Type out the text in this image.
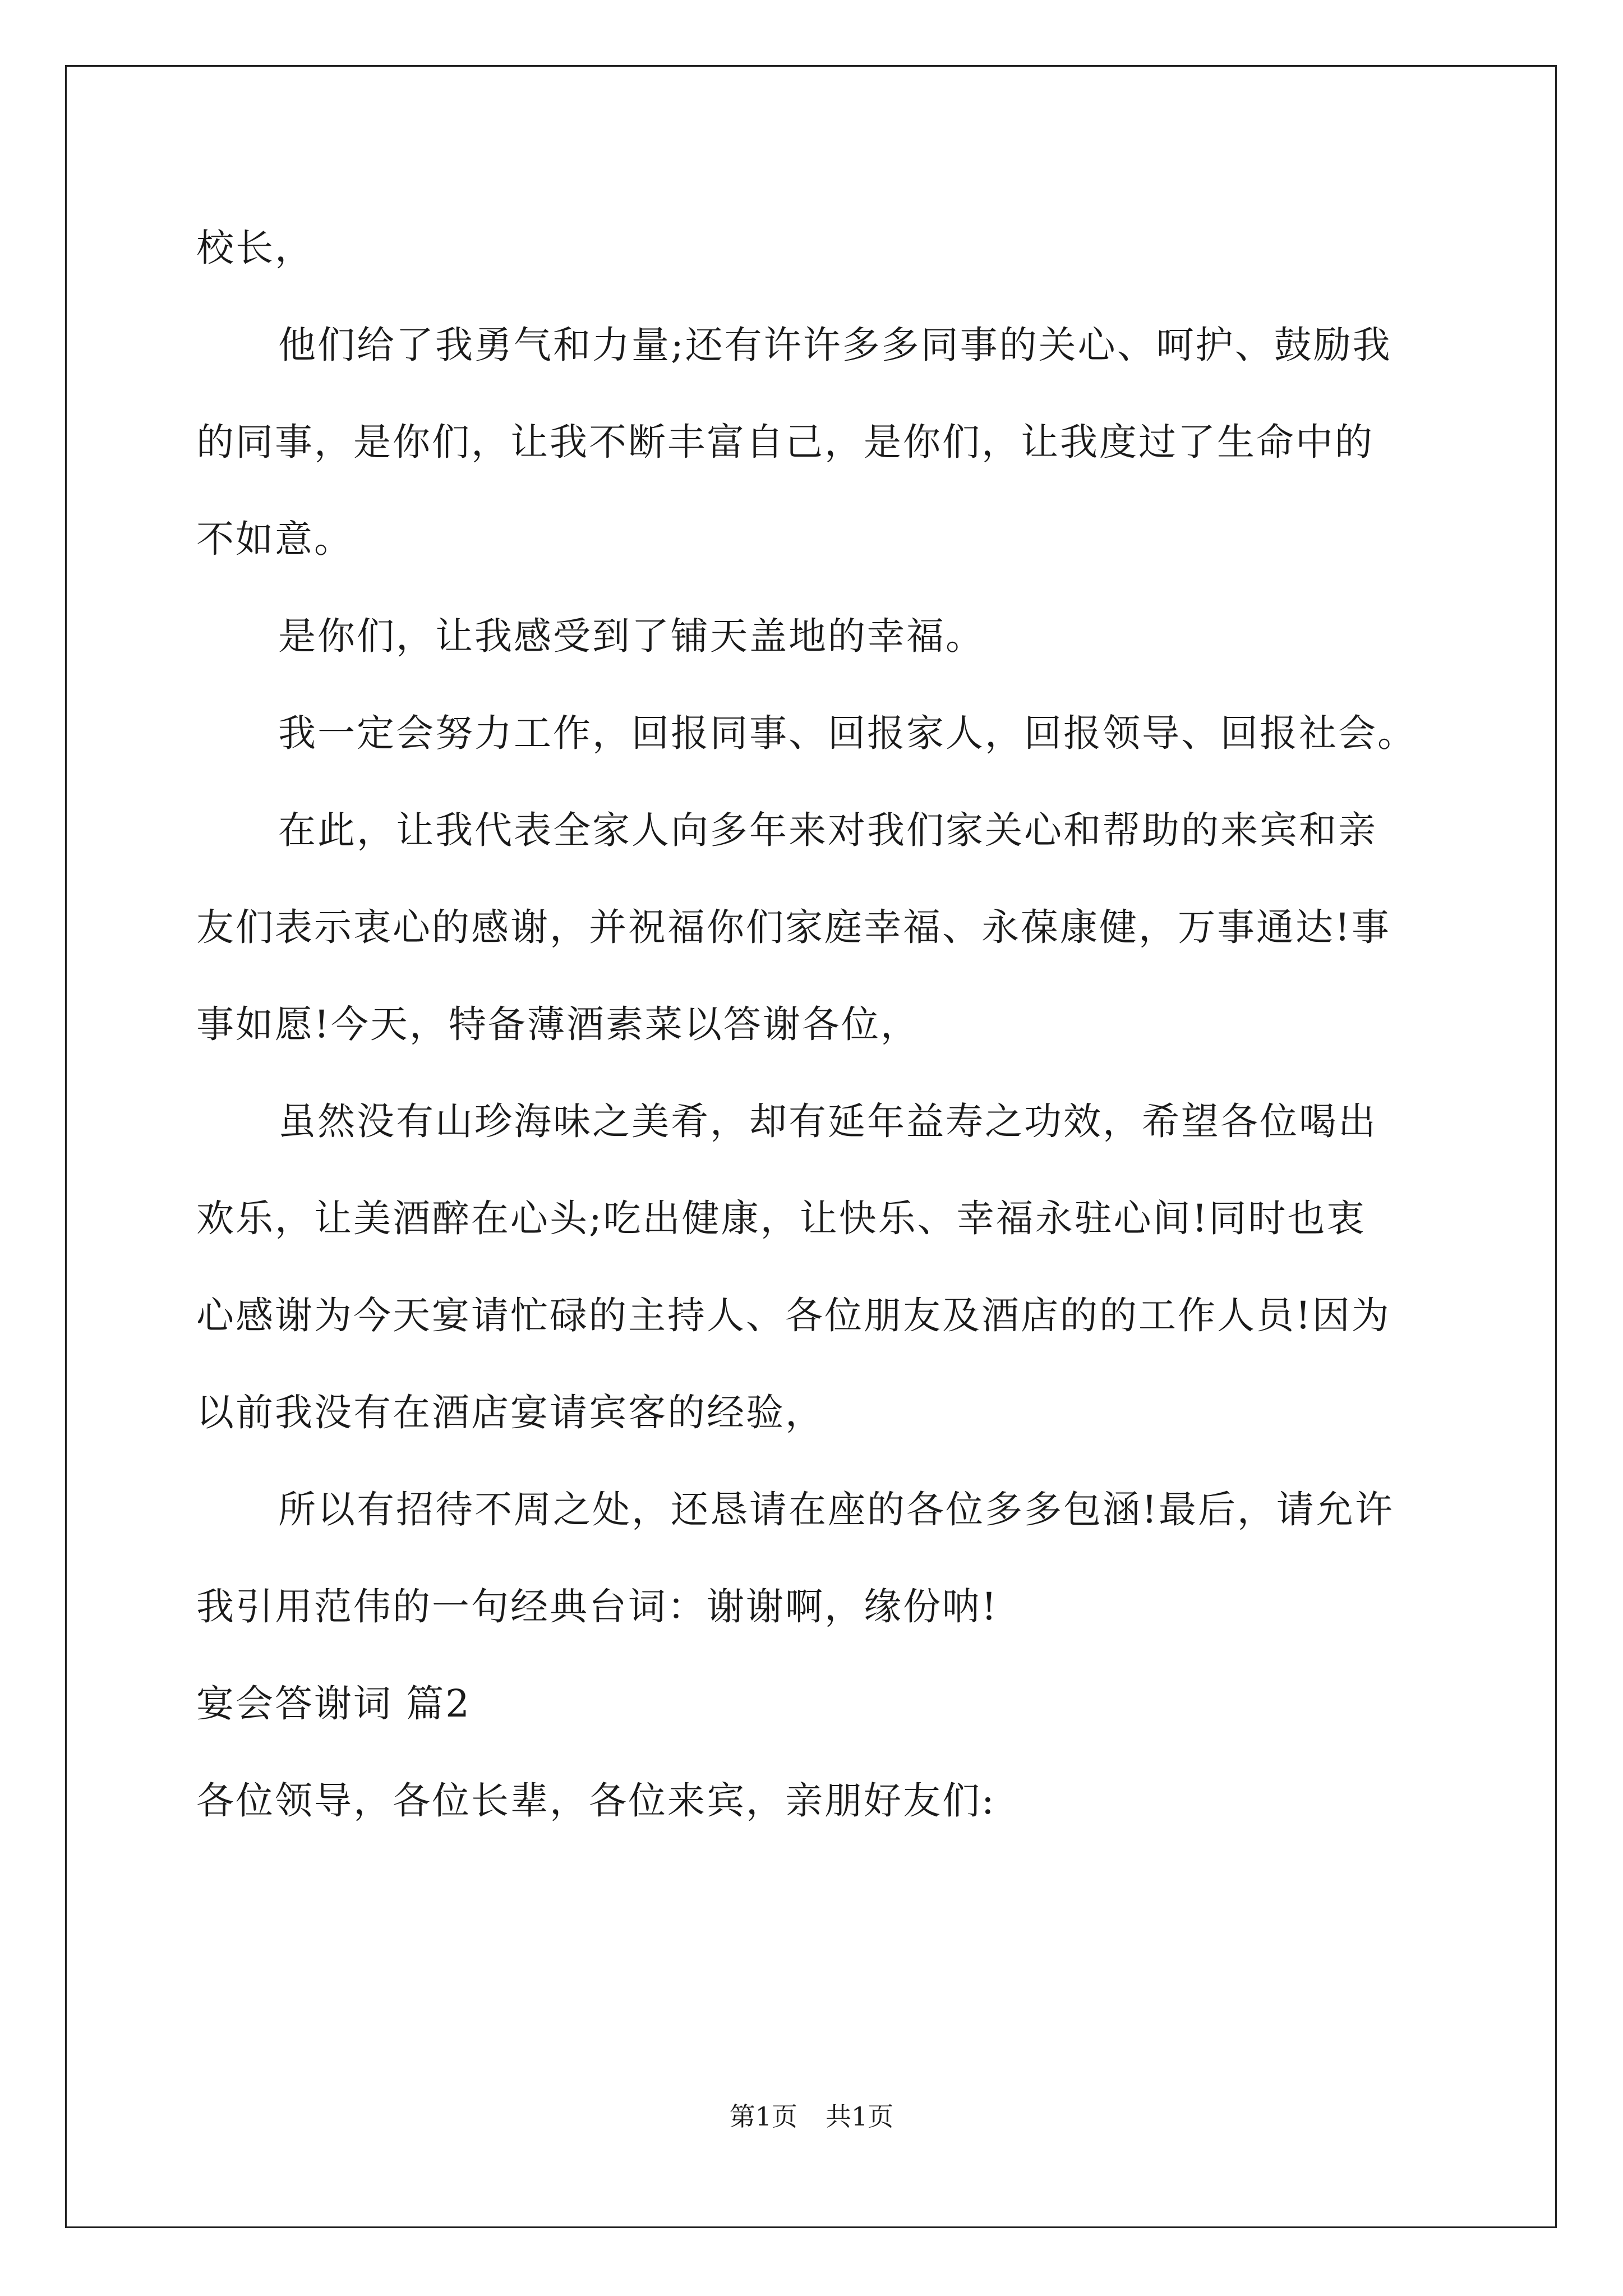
校长，
他们给了我勇气和力量;还有许许多多同事的关心、呵护、鼓励我
的同事，是你们，让我不断丰富自己，是你们，让我度过了生命中的
不如意。
是你们，让我感受到了铺天盖地的幸福。
我一定会努力工作，回报同事、回报家人，回报领导、回报社会。
在此，让我代表全家人向多年来对我们家关心和帮助的来宾和亲
友们表示衷心的感谢，并祝福你们家庭幸福、永葆康健，万事通达!事
事如愿!今天，特备薄酒素菜以答谢各位，
虽然没有山珍海味之美肴，却有延年益寿之功效，希望各位喝出
欢乐，让美酒醉在心头;吃出健康，让快乐、幸福永驻心间!同时也衷
心感谢为今天宴请忙碌的主持人、各位朋友及酒店的的工作人员!因为
以前我没有在酒店宴请宾客的经验，
所以有招待不周之处，还恳请在座的各位多多包涵!最后，请允许
我引用范伟的一句经典台词：谢谢啊，缘份呐!
宴会答谢词 篇2
各位领导，各位长辈，各位来宾，亲朋好友们:
第1页 共1页
